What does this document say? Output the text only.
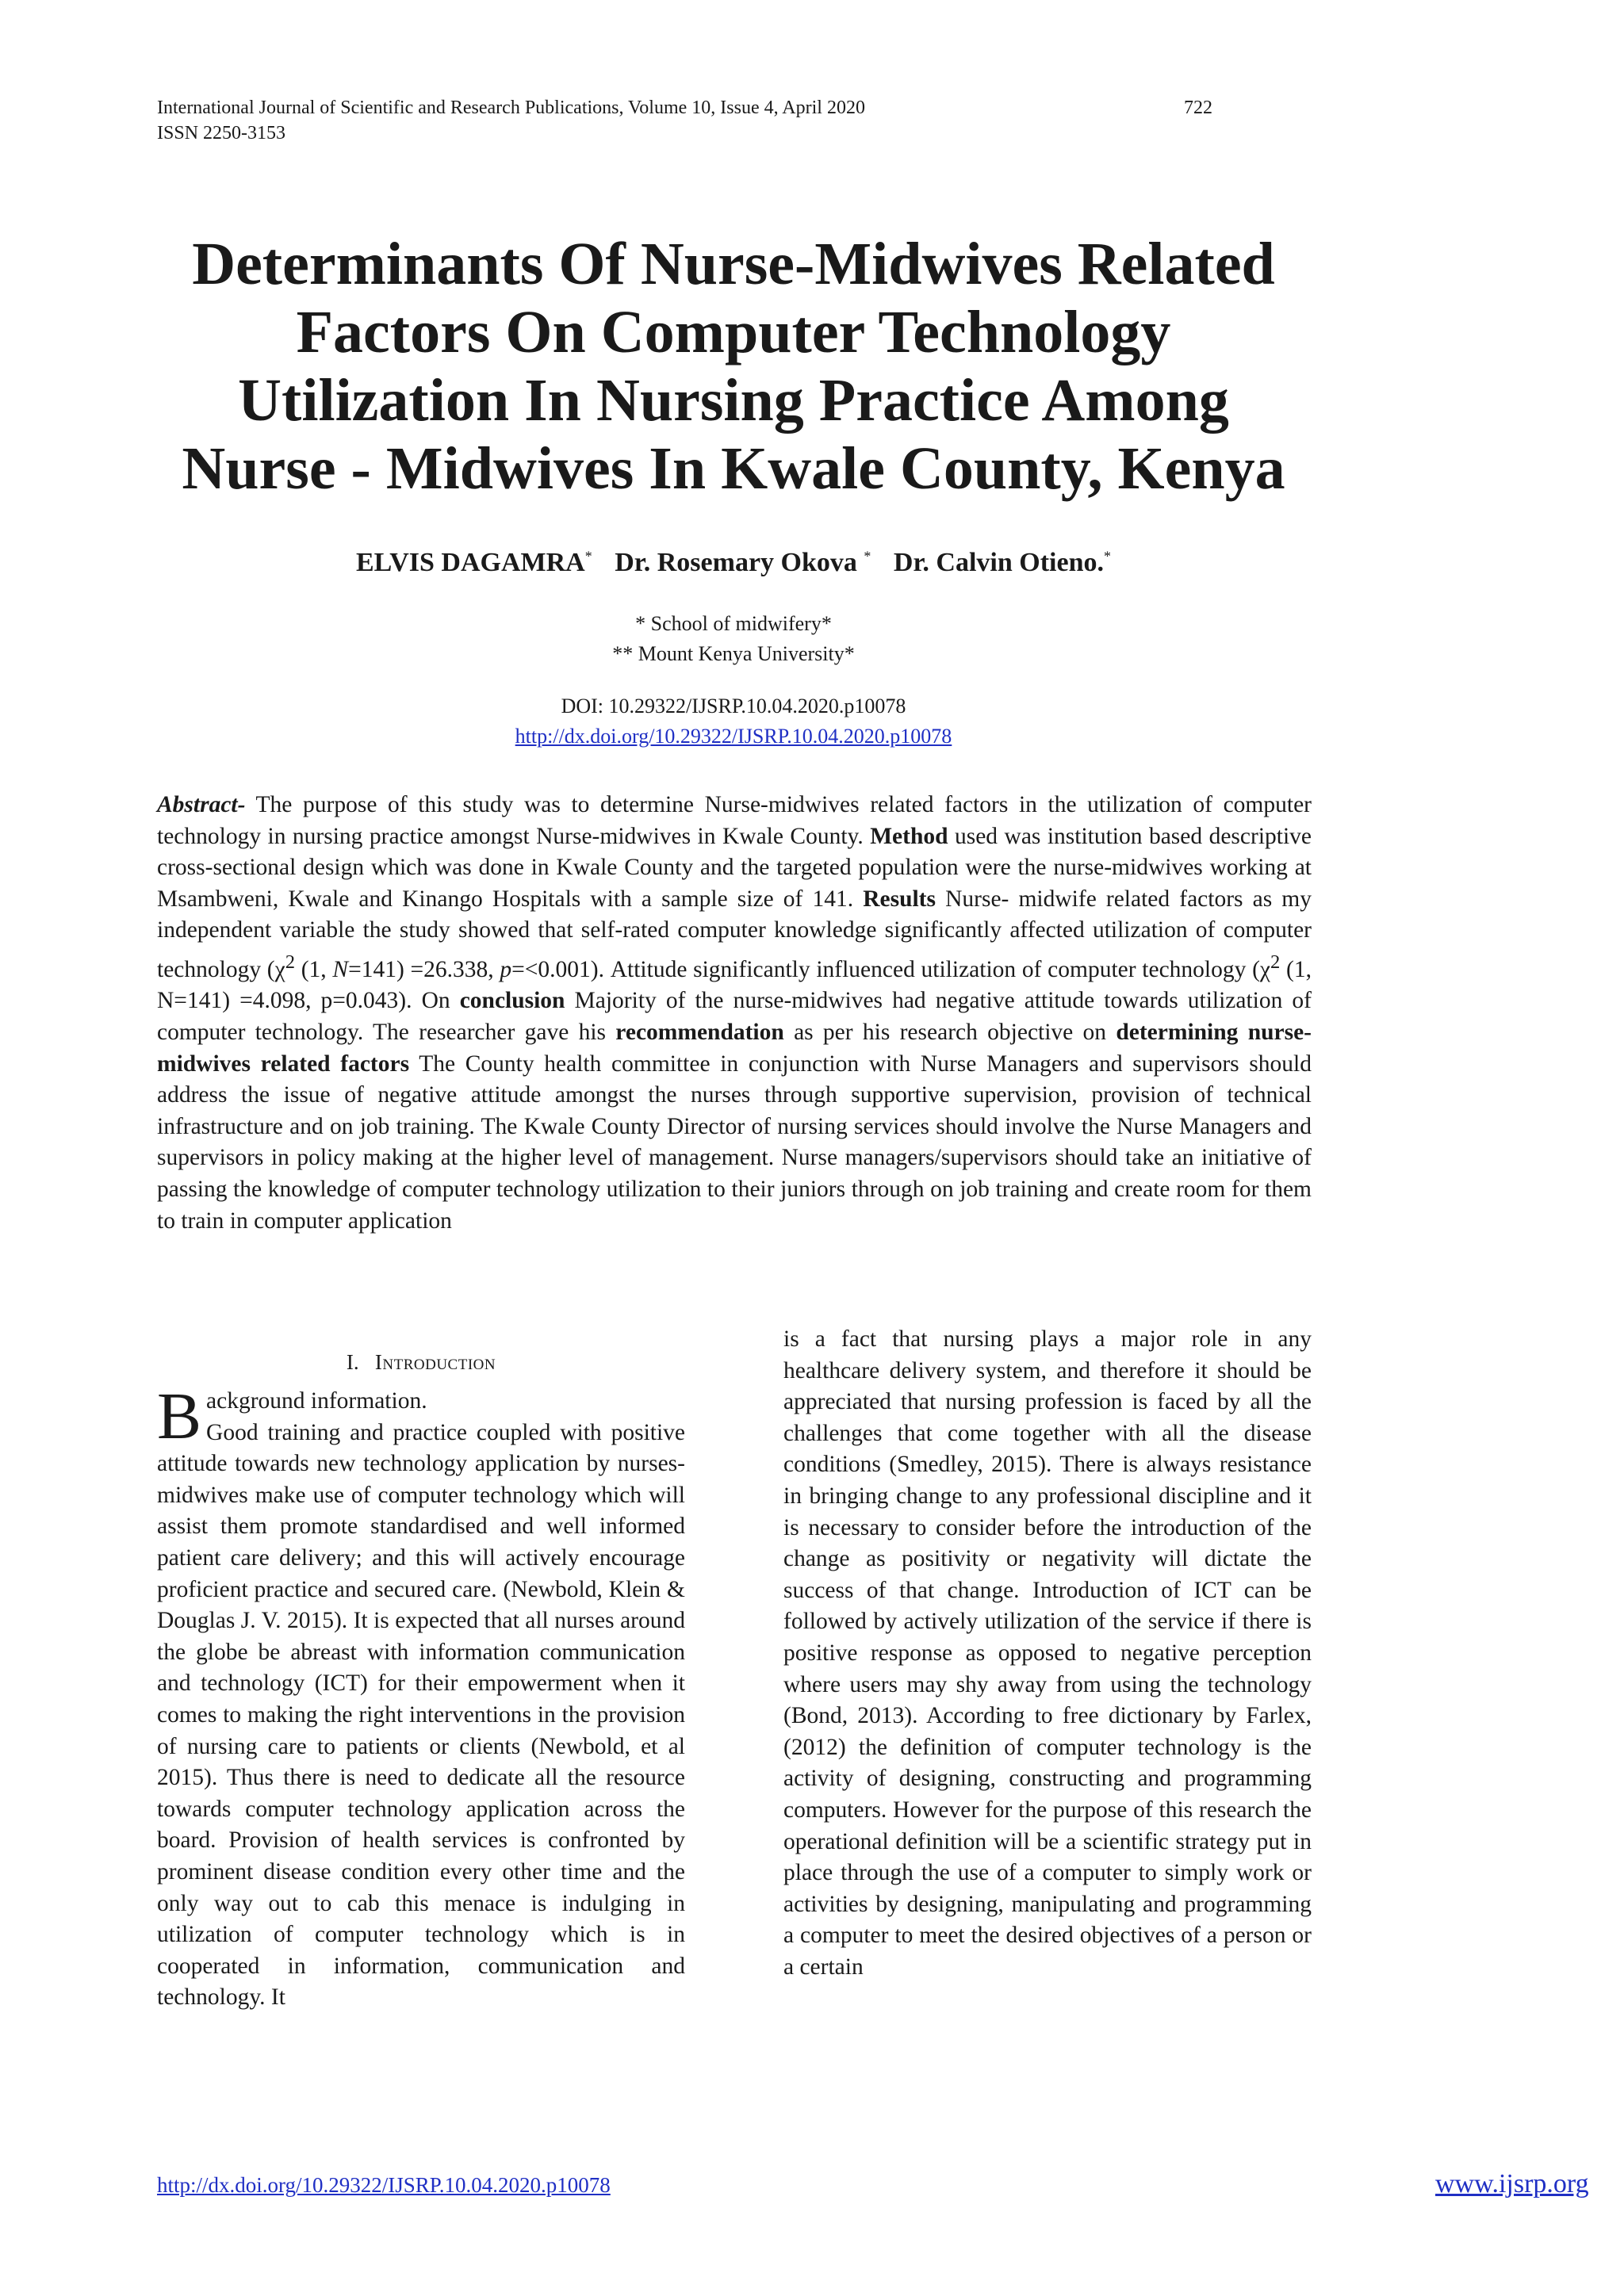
International Journal of Scientific and Research Publications, Volume 10, Issue 4, April 2020
ISSN 2250-3153
722
Determinants Of Nurse-Midwives Related
Factors On Computer Technology
Utilization In Nursing Practice Among
Nurse - Midwives In Kwale County, Kenya
ELVIS DAGAMRA* Dr. Rosemary Okova * Dr. Calvin Otieno.*
* School of midwifery*
** Mount Kenya University*
DOI: 10.29322/IJSRP.10.04.2020.p10078
http://dx.doi.org/10.29322/IJSRP.10.04.2020.p10078
Abstract- The purpose of this study was to determine Nurse-midwives related factors in the utilization of computer technology in nursing practice amongst Nurse-midwives in Kwale County. Method used was institution based descriptive cross-sectional design which was done in Kwale County and the targeted population were the nurse-midwives working at Msambweni, Kwale and Kinango Hospitals with a sample size of 141. Results Nurse- midwife related factors as my independent variable the study showed that self-rated computer knowledge significantly affected utilization of computer technology ($\chi^2$ (1, N=141) =26.338, p=<0.001). Attitude significantly influenced utilization of computer technology ($\chi^2$ (1, N=141) =4.098, p=0.043). On conclusion Majority of the nurse-midwives had negative attitude towards utilization of computer technology. The researcher gave his recommendation as per his research objective on determining nurse-midwives related factors The County health committee in conjunction with Nurse Managers and supervisors should address the issue of negative attitude amongst the nurses through supportive supervision, provision of technical infrastructure and on job training. The Kwale County Director of nursing services should involve the Nurse Managers and supervisors in policy making at the higher level of management. Nurse managers/supervisors should take an initiative of passing the knowledge of computer technology utilization to their juniors through on job training and create room for them to train in computer application
I. Introduction

Background information.
Good training and practice coupled with positive attitude towards new technology application by nurses-midwives make use of computer technology which will assist them promote standardised and well informed patient care delivery; and this will actively encourage proficient practice and secured care. (Newbold, Klein & Douglas J. V. 2015). It is expected that all nurses around the globe be abreast with information communication and technology (ICT) for their empowerment when it comes to making the right interventions in the provision of nursing care to patients or clients (Newbold, et al 2015). Thus there is need to dedicate all the resource towards computer technology application across the board. Provision of health services is confronted by prominent disease condition every other time and the only way out to cab this menace is indulging in utilization of computer technology which is in cooperated in information, communication and technology. It

is a fact that nursing plays a major role in any healthcare delivery system, and therefore it should be appreciated that nursing profession is faced by all the challenges that come together with all the disease conditions (Smedley, 2015). There is always resistance in bringing change to any professional discipline and it is necessary to consider before the introduction of the change as positivity or negativity will dictate the success of that change. Introduction of ICT can be followed by actively utilization of the service if there is positive response as opposed to negative perception where users may shy away from using the technology (Bond, 2013). According to free dictionary by Farlex, (2012) the definition of computer technology is the activity of designing, constructing and programming computers. However for the purpose of this research the operational definition will be a scientific strategy put in place through the use of a computer to simply work or activities by designing, manipulating and programming a computer to meet the desired objectives of a person or a certain

http://dx.doi.org/10.29322/IJSRP.10.04.2020.p10078	www.ijsrp.org
